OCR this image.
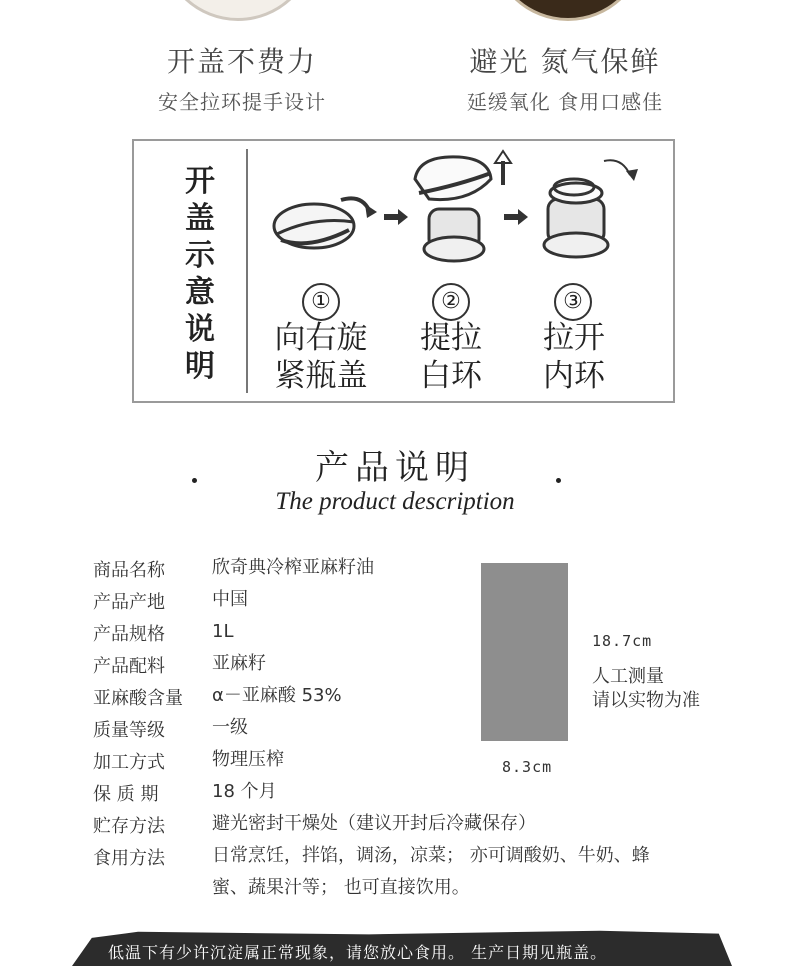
开盖不费力
安全拉环提手设计
避光 氮气保鲜
延缓氧化 食用口感佳
开盖示意说明
①
向右旋
紧瓶盖
②
提拉
白环
③
拉开
内环
产品说明
The product description
商品名称	欣奇典冷榨亚麻籽油
产品产地	中国
产品规格	1L
产品配料	亚麻籽
亚麻酸含量	α－亚麻酸 53%
质量等级	一级
加工方式	物理压榨
保 质 期	18 个月
贮存方法	避光密封干燥处（建议开封后冷藏保存）
食用方法	日常烹饪，拌馅，调汤，凉菜； 亦可调酸奶、牛奶、蜂蜜、蔬果汁等； 也可直接饮用。
18.7cm
人工测量
请以实物为准
8.3cm
低温下有少许沉淀属正常现象，请您放心食用。 生产日期见瓶盖。
